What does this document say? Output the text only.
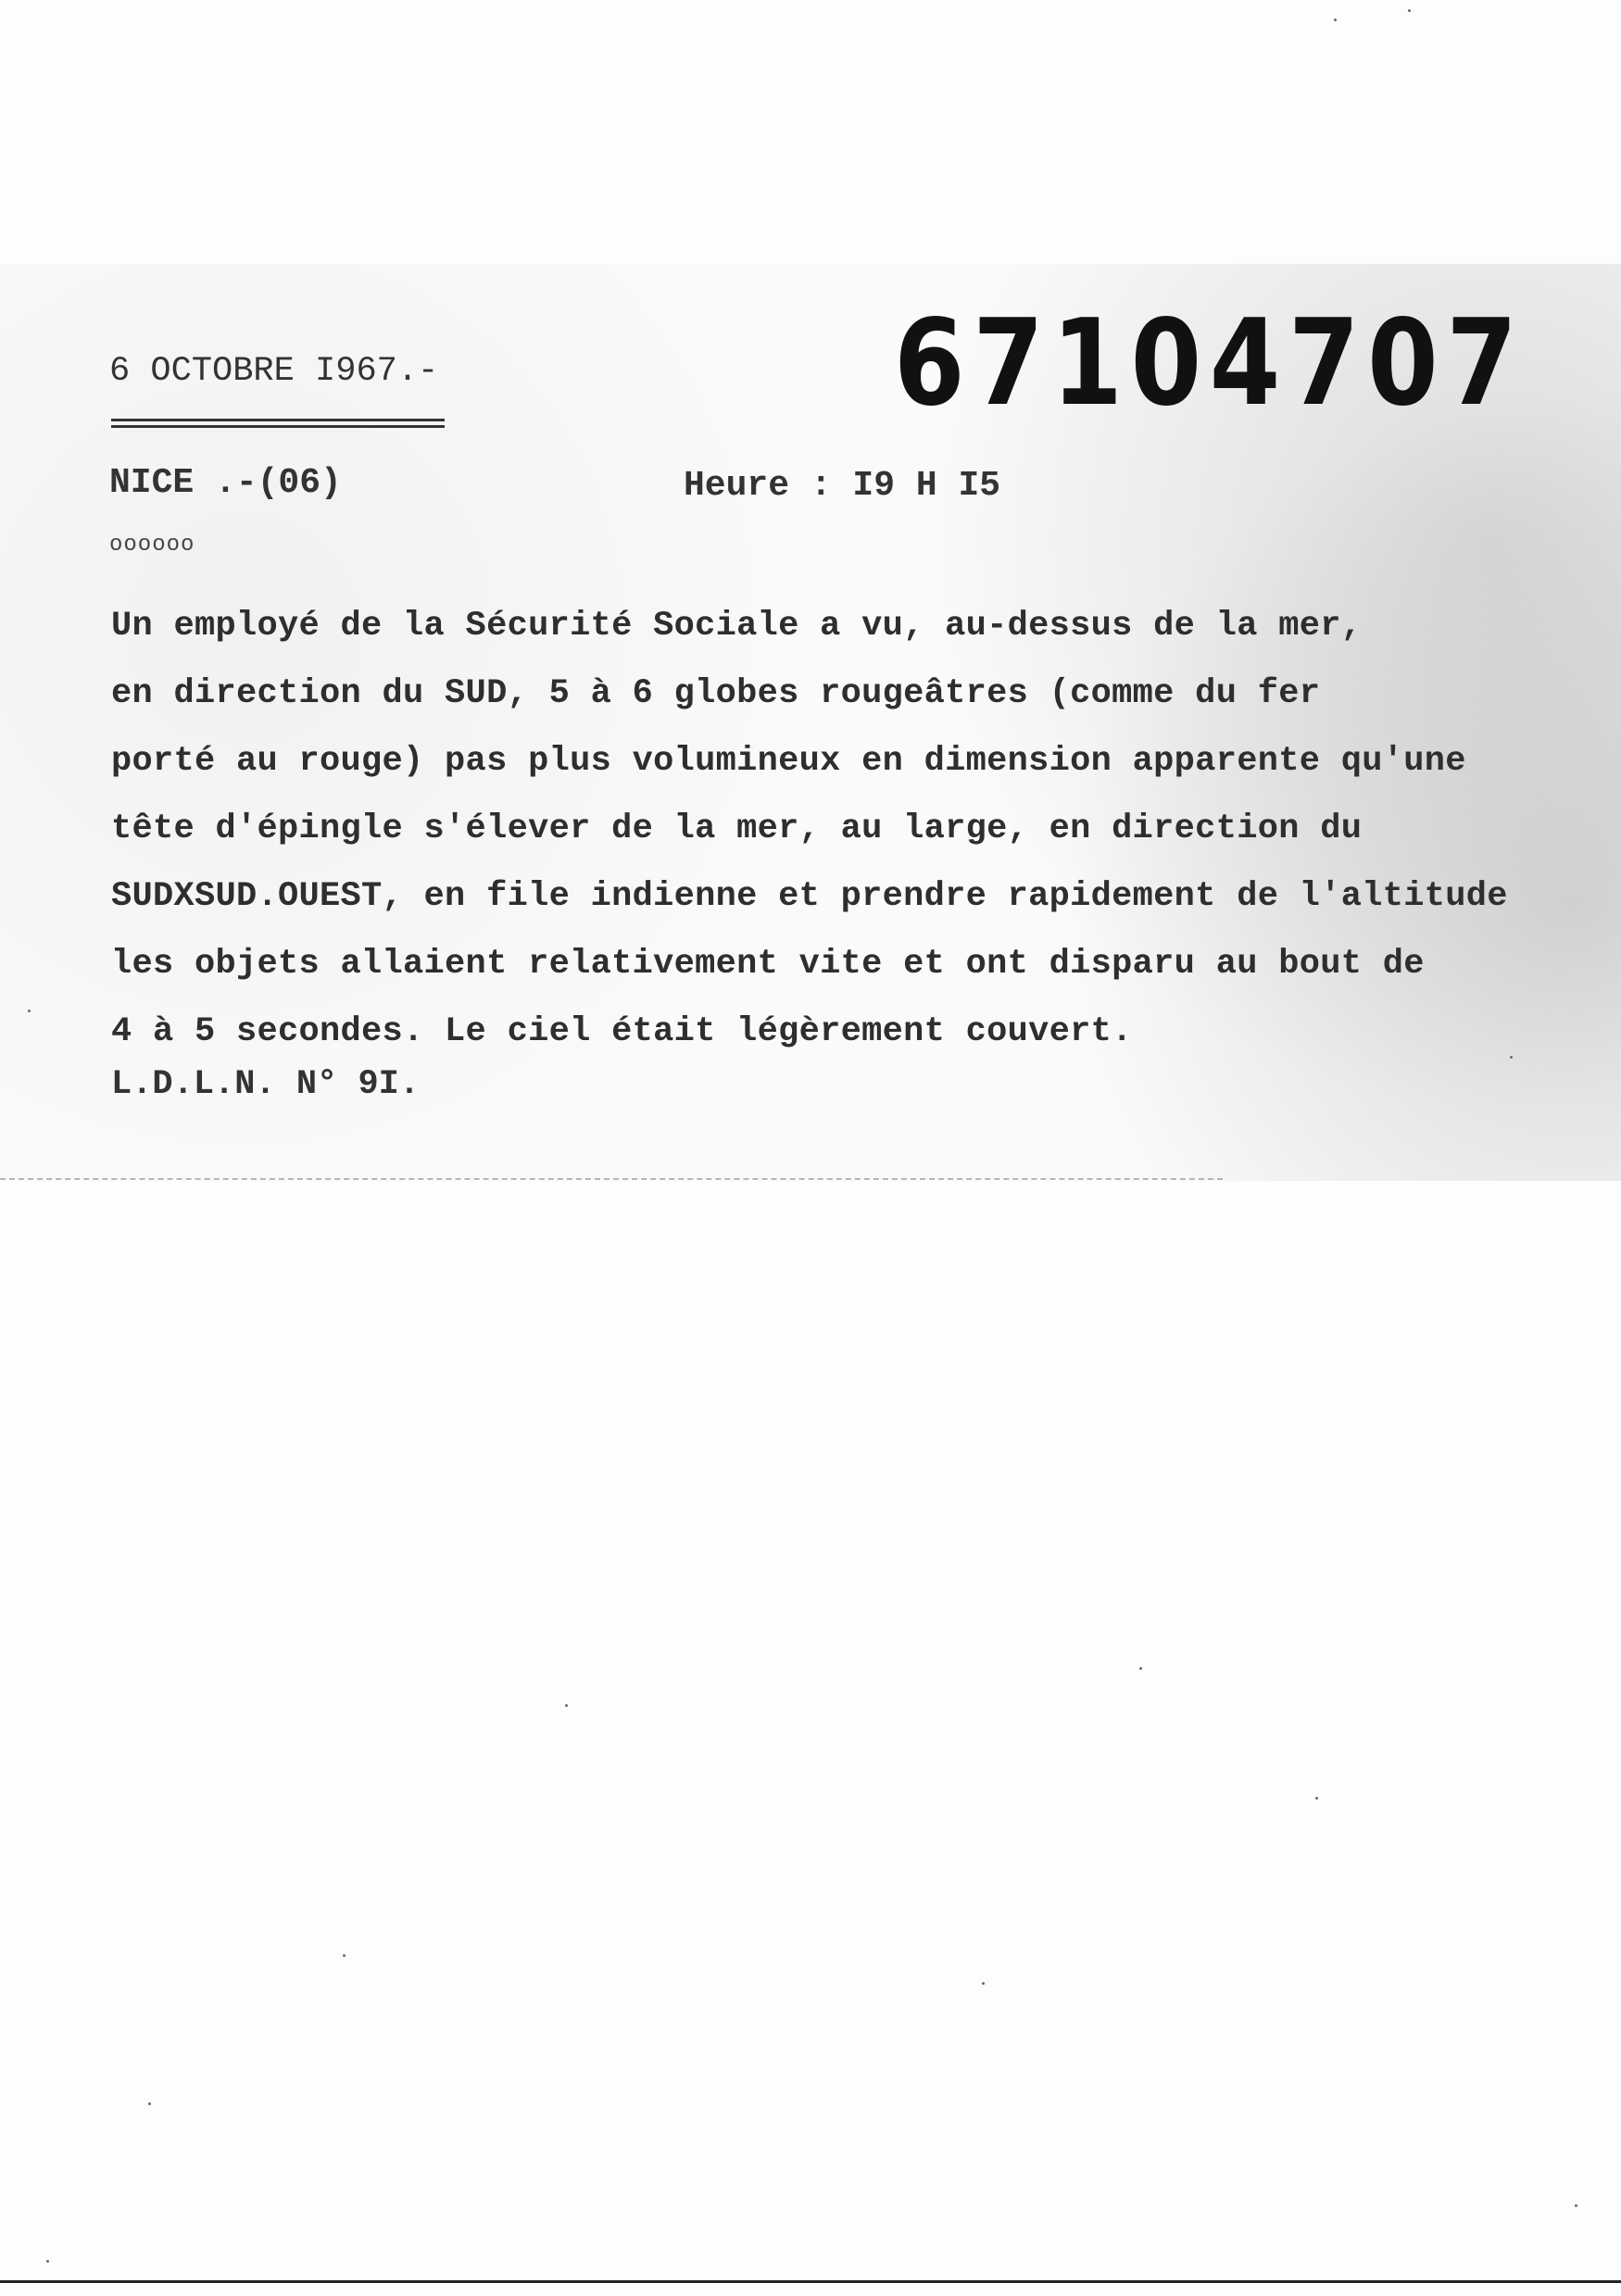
6 OCTOBRE I967.-	67104707
NICE .-(06)	Heure : I9 H I5
oooooo
Un employé de la Sécurité Sociale a vu, au-dessus de la mer,
en direction du SUD, 5 à 6 globes rougeâtres (comme du fer
porté au rouge) pas plus volumineux en dimension apparente qu'une
tête d'épingle s'élever de la mer, au large, en direction du
SUDXSUD.OUEST, en file indienne et prendre rapidement de l'altitude
les objets allaient relativement vite et ont disparu au bout de
4 à 5 secondes. Le ciel était légèrement couvert.
L.D.L.N. N° 9I.
